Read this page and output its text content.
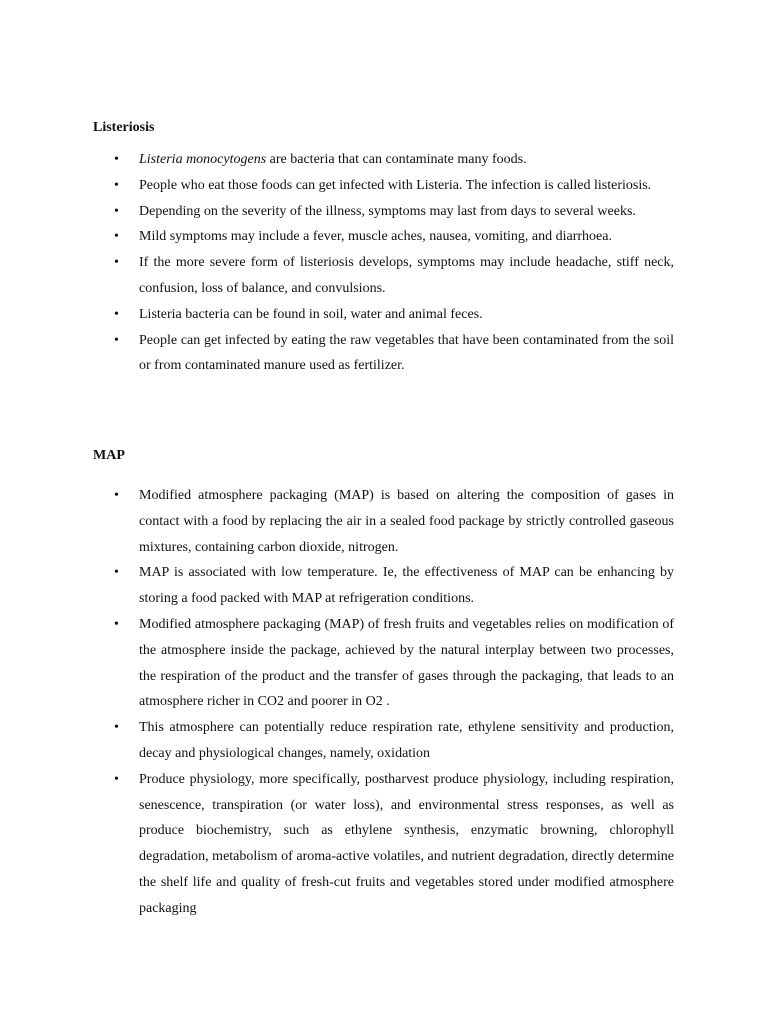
Listeriosis
• Listeria monocytogens are bacteria that can contaminate many foods.
• People who eat those foods can get infected with Listeria. The infection is called listeriosis.
• Depending on the severity of the illness, symptoms may last from days to several weeks.
• Mild symptoms may include a fever, muscle aches, nausea, vomiting, and diarrhoea.
• If the more severe form of listeriosis develops, symptoms may include headache, stiff neck, confusion, loss of balance, and convulsions.
• Listeria bacteria can be found in soil, water and animal feces.
• People can get infected by eating the raw vegetables that have been contaminated from the soil or from contaminated manure used as fertilizer.
MAP
• Modified atmosphere packaging (MAP) is based on altering the composition of gases in contact with a food by replacing the air in a sealed food package by strictly controlled gaseous mixtures, containing carbon dioxide, nitrogen.
• MAP is associated with low temperature. Ie, the effectiveness of MAP can be enhancing by storing a food packed with MAP at refrigeration conditions.
• Modified atmosphere packaging (MAP) of fresh fruits and vegetables relies on modification of the atmosphere inside the package, achieved by the natural interplay between two processes, the respiration of the product and the transfer of gases through the packaging, that leads to an atmosphere richer in CO2 and poorer in O2 .
• This atmosphere can potentially reduce respiration rate, ethylene sensitivity and production, decay and physiological changes, namely, oxidation
• Produce physiology, more specifically, postharvest produce physiology, including respiration, senescence, transpiration (or water loss), and environmental stress responses, as well as produce biochemistry, such as ethylene synthesis, enzymatic browning, chlorophyll degradation, metabolism of aroma-active volatiles, and nutrient degradation, directly determine the shelf life and quality of fresh-cut fruits and vegetables stored under modified atmosphere packaging
